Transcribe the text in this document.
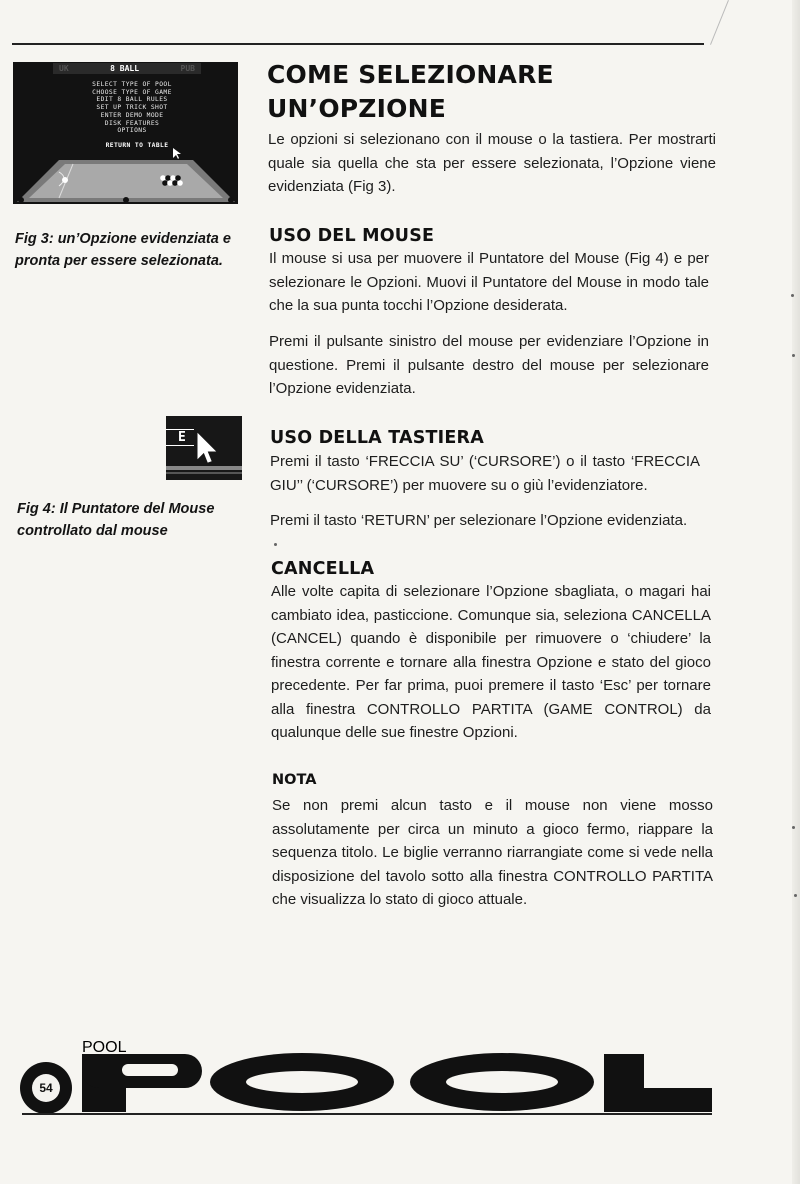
UK	8 BALL	PUB
SELECT TYPE OF POOL
CHOOSE TYPE OF GAME
EDIT 8 BALL RULES
SET UP TRICK SHOT
ENTER DEMO MODE
DISK FEATURES
OPTIONS
RETURN TO TABLE
Fig 3: un’Opzione evidenziata e pronta per essere selezionata.
E
Fig 4: Il Puntatore del Mouse controllato dal mouse
COME SELEZIONARE UN’OPZIONE

Le opzioni si selezionano con il mouse o la tastiera. Per mostrarti quale sia quella che sta per essere selezionata, l’Opzione viene evidenziata (Fig 3).

USO DEL MOUSE

Il mouse si usa per muovere il Puntatore del Mouse (Fig 4) e per selezionare le Opzioni. Muovi il Puntatore del Mouse in modo tale che la sua punta tocchi l’Opzione desiderata.

Premi il pulsante sinistro del mouse per evidenziare l’Opzione in questione. Premi il pulsante destro del mouse per selezionare l’Opzione evidenziata.

USO DELLA TASTIERA

Premi il tasto ‘FRECCIA SU’ (‘CURSORE’) o il tasto ‘FRECCIA GIU’’ (‘CURSORE’) per muovere su o giù l’evidenziatore.

Premi il tasto ‘RETURN’ per selezionare l’Opzione evidenziata.

CANCELLA

Alle volte capita di selezionare l’Opzione sbagliata, o magari hai cambiato idea, pasticcione. Comunque sia, seleziona CANCELLA (CANCEL) quando è disponibile per rimuovere o ‘chiudere’ la finestra corrente e tornare alla finestra Opzione e stato del gioco precedente. Per far prima, puoi premere il tasto ‘Esc’ per tornare alla finestra CONTROLLO PARTITA (GAME CONTROL) da qualunque delle sue finestre Opzioni.

NOTA

Se non premi alcun tasto e il mouse non viene mosso assolutamente per circa un minuto a gioco fermo, riappare la sequenza titolo. Le biglie verranno riarrangiate come si vede nella disposizione del tavolo sotto alla finestra CONTROLLO PARTITA che visualizza lo stato di gioco attuale.

54
POOL
